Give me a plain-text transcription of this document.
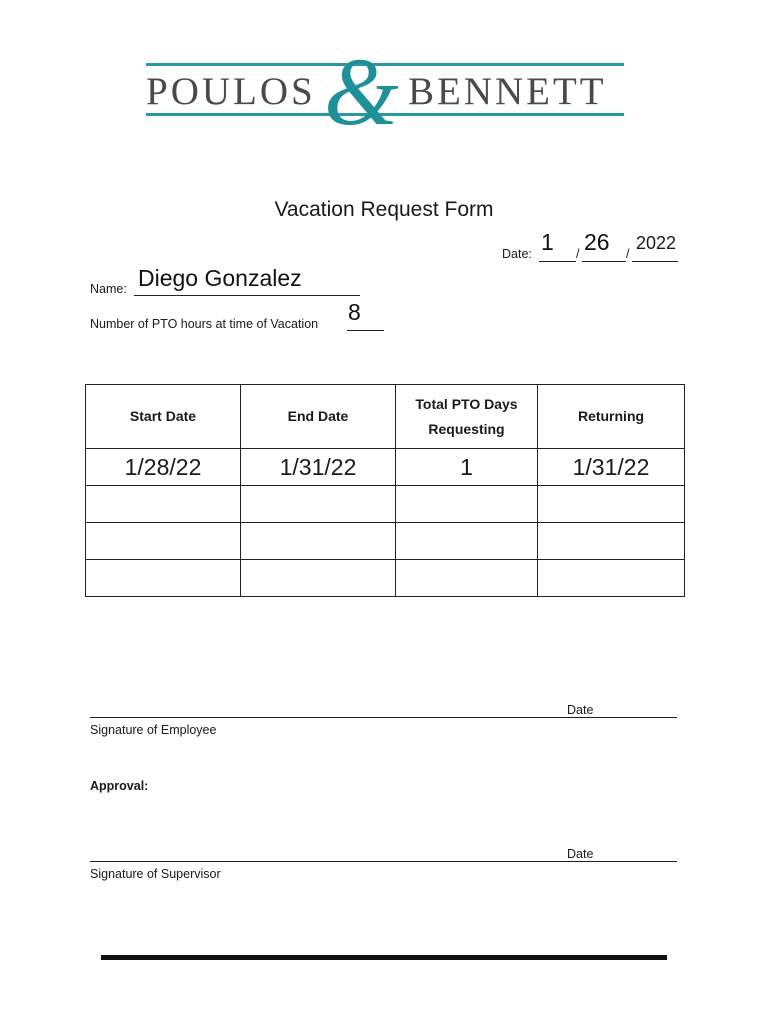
POULOS & BENNETT
Vacation Request Form
Date: 1 / 26 /
2022
Name: Diego Gonzalez
Number of PTO hours at time of Vacation 8
Start Date	End Date	Total PTO Days Requesting	Returning
1/28/22	1/31/22	1	1/31/22

Date
Signature of Employee
Approval:
Date
Signature of Supervisor
